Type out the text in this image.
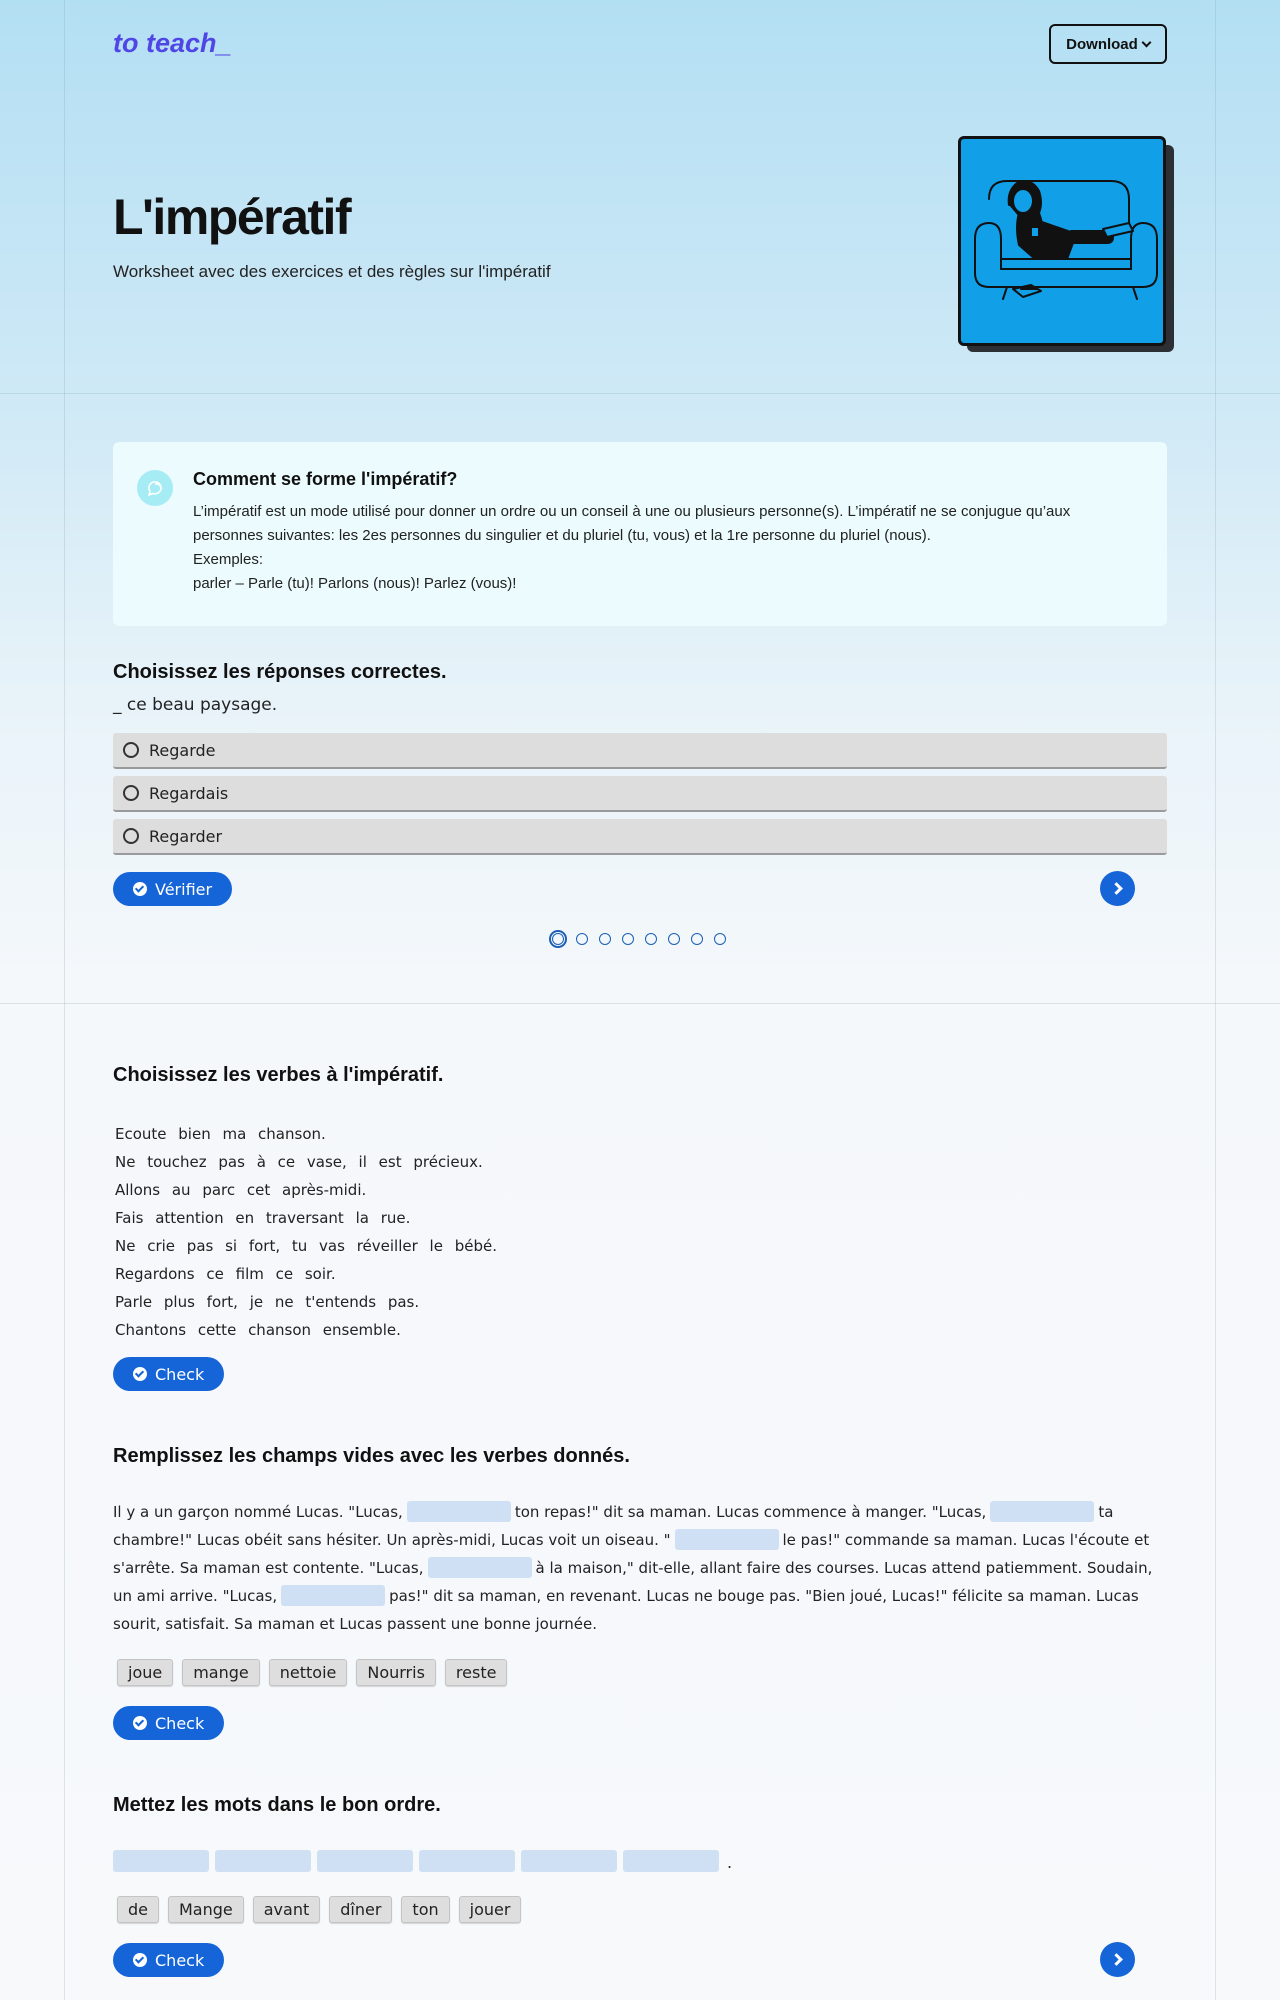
to teach_	Download
L'impératif

Worksheet avec des exercices et des règles sur l'impératif

Comment se forme l'impératif?
L’impératif est un mode utilisé pour donner un ordre ou un conseil à une ou plusieurs personne(s). L’impératif ne se conjugue qu’aux personnes suivantes: les 2es personnes du singulier et du pluriel (tu, vous) et la 1re personne du pluriel (nous).
Exemples:
parler – Parle (tu)! Parlons (nous)! Parlez (vous)!
Choisissez les réponses correctes.
_ ce beau paysage.
Regarde
Regardais
Regarder
Vérifier
Choisissez les verbes à l'impératif.
Ecoute bien ma chanson.
Ne touchez pas à ce vase, il est précieux.
Allons au parc cet après-midi.
Fais attention en traversant la rue.
Ne crie pas si fort, tu vas réveiller le bébé.
Regardons ce film ce soir.
Parle plus fort, je ne t'entends pas.
Chantons cette chanson ensemble.
Check
Remplissez les champs vides avec les verbes donnés.
Il y a un garçon nommé Lucas. "Lucas,	ton repas!" dit sa maman. Lucas commence à manger. "Lucas,	ta chambre!" Lucas obéit sans hésiter. Un après-midi, Lucas voit un oiseau. "	le pas!" commande sa maman. Lucas l'écoute et s'arrête. Sa maman est contente. "Lucas,	à la maison," dit-elle, allant faire des courses. Lucas attend patiemment. Soudain, un ami arrive. "Lucas,	pas!" dit sa maman, en revenant. Lucas ne bouge pas. "Bien joué, Lucas!" félicite sa maman. Lucas sourit, satisfait. Sa maman et Lucas passent une bonne journée.
joue	mange	nettoie	Nourris	reste
Check
Mettez les mots dans le bon ordre.
.
de	Mange	avant	dîner	ton	jouer
Check
